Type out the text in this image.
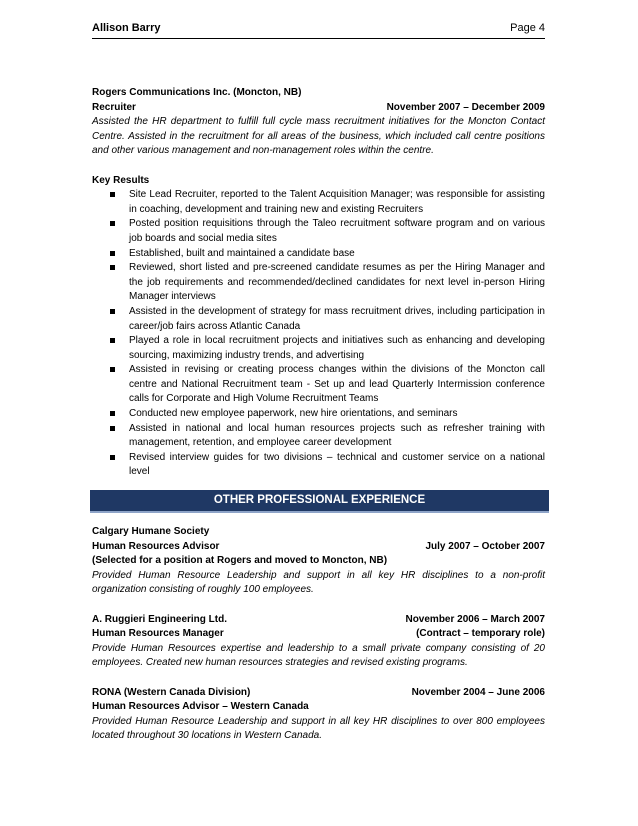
Allison Barry	Page 4
Rogers Communications Inc. (Moncton, NB)
Recruiter	November 2007 – December 2009
Assisted the HR department to fulfill full cycle mass recruitment initiatives for the Moncton Contact Centre. Assisted in the recruitment for all areas of the business, which included call centre positions and other various management and non-management roles within the centre.
Key Results
Site Lead Recruiter, reported to the Talent Acquisition Manager; was responsible for assisting in coaching, development and training new and existing Recruiters
Posted position requisitions through the Taleo recruitment software program and on various job boards and social media sites
Established, built and maintained a candidate base
Reviewed, short listed and pre-screened candidate resumes as per the Hiring Manager and the job requirements and recommended/declined candidates for next level in-person Hiring Manager interviews
Assisted in the development of strategy for mass recruitment drives, including participation in career/job fairs across Atlantic Canada
Played a role in local recruitment projects and initiatives such as enhancing and developing sourcing, maximizing industry trends, and advertising
Assisted in revising or creating process changes within the divisions of the Moncton call centre and National Recruitment team - Set up and lead Quarterly Intermission conference calls for Corporate and High Volume Recruitment Teams
Conducted new employee paperwork, new hire orientations, and seminars
Assisted in national and local human resources projects such as refresher training with management, retention, and employee career development
Revised interview guides for two divisions – technical and customer service on a national level
OTHER PROFESSIONAL EXPERIENCE
Calgary Humane Society
Human Resources Advisor	July 2007 – October 2007
(Selected for a position at Rogers and moved to Moncton, NB)
Provided Human Resource Leadership and support in all key HR disciplines to a non-profit organization consisting of roughly 100 employees.
A. Ruggieri Engineering Ltd.	November 2006 – March 2007
Human Resources Manager	(Contract – temporary role)
Provide Human Resources expertise and leadership to a small private company consisting of 20 employees. Created new human resources strategies and revised existing programs.
RONA (Western Canada Division)	November 2004 – June 2006
Human Resources Advisor – Western Canada
Provided Human Resource Leadership and support in all key HR disciplines to over 800 employees located throughout 30 locations in Western Canada.
